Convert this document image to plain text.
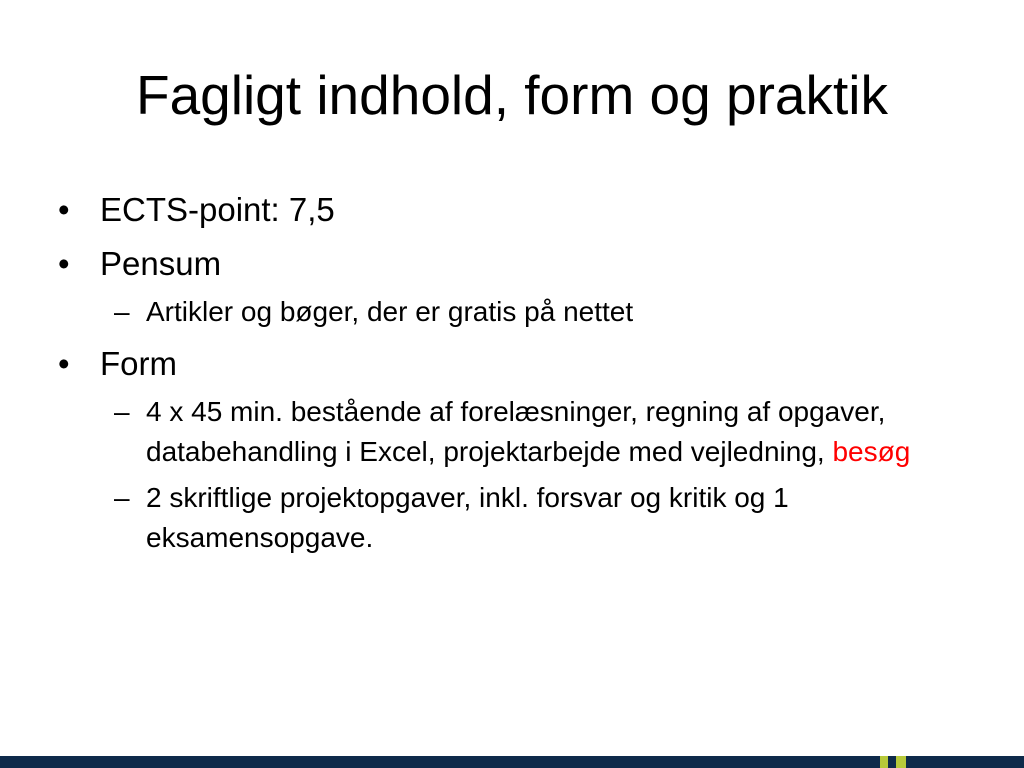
Fagligt indhold, form og praktik
• ECTS-point: 7,5
• Pensum
– Artikler og bøger, der er gratis på nettet
• Form
– 4 x 45 min. bestående af forelæsninger, regning af opgaver, databehandling i Excel, projektarbejde med vejledning, besøg
– 2 skriftlige projektopgaver, inkl. forsvar og kritik og 1 eksamensopgave.
